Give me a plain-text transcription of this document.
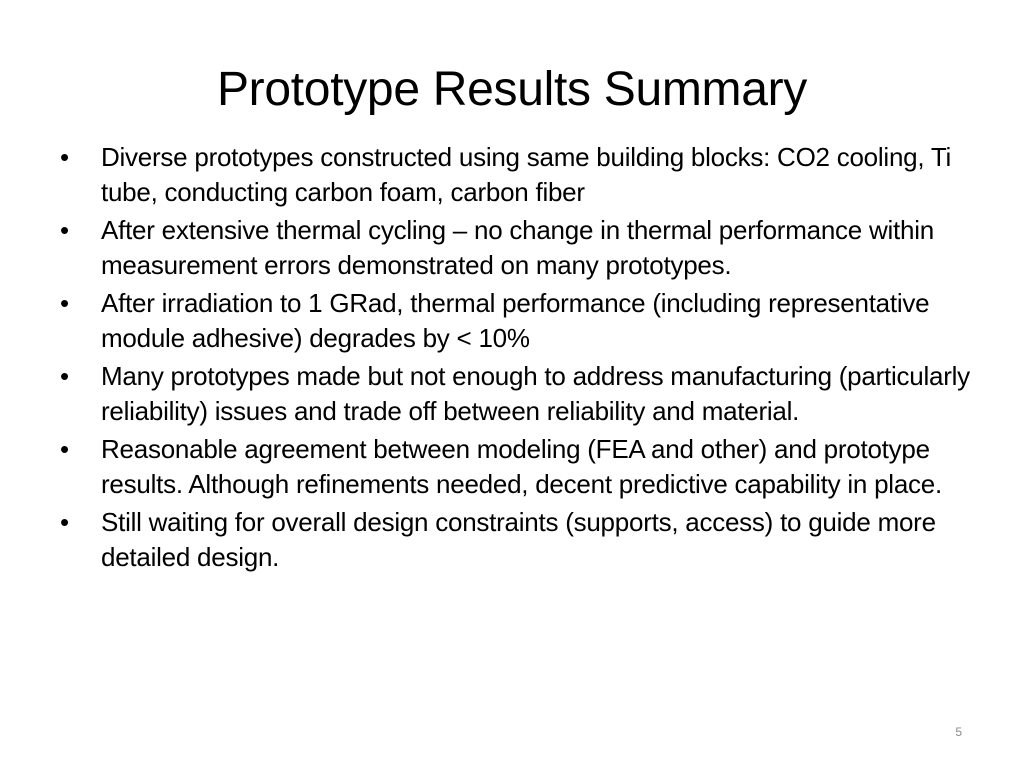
Prototype Results Summary
•	Diverse prototypes constructed using same building blocks: CO2 cooling, Ti tube, conducting carbon foam, carbon fiber
•	After extensive thermal cycling – no change in thermal performance within measurement errors demonstrated on many prototypes.
•	After irradiation to 1 GRad, thermal performance (including representative module adhesive) degrades by < 10%
•	Many prototypes made but not enough to address manufacturing (particularly reliability) issues and trade off between reliability and material.
•	Reasonable agreement between modeling (FEA and other) and prototype results. Although refinements needed, decent predictive capability in place.
•	Still waiting for overall design constraints (supports, access) to guide more detailed design.
5
